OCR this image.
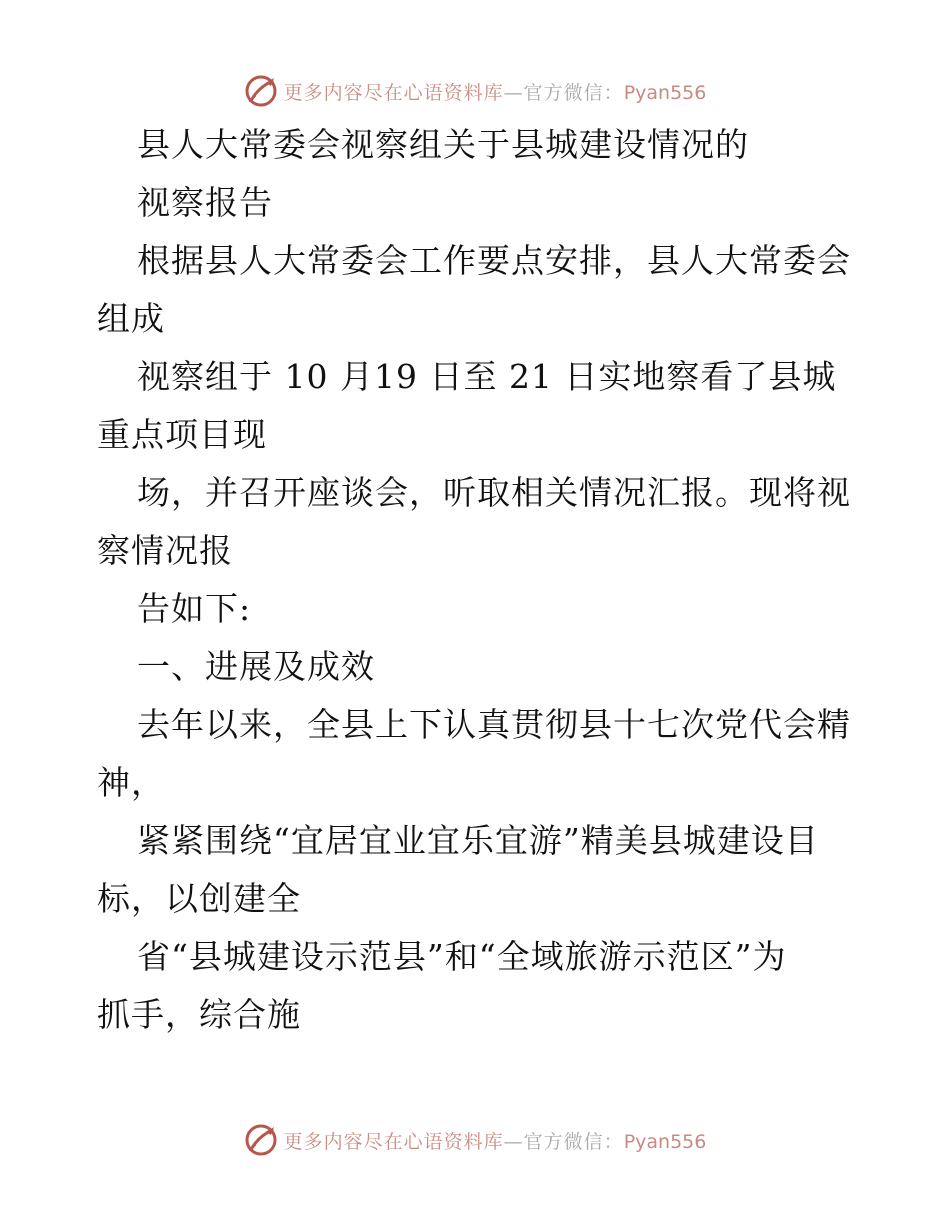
更多内容尽在心语资料库—官方微信：Pyan556

县人大常委会视察组关于县城建设情况的

视察报告

根据县人大常委会工作要点安排，县人大常委会

组成

视察组于 10 月19 日至 21 日实地察看了县城

重点项目现

场，并召开座谈会，听取相关情况汇报。现将视

察情况报

告如下:

一、进展及成效

去年以来，全县上下认真贯彻县十七次党代会精

神，

紧紧围绕“宜居宜业宜乐宜游”精美县城建设目

标，以创建全

省“县城建设示范县”和“全域旅游示范区”为

抓手，综合施

更多内容尽在心语资料库—官方微信：Pyan556
